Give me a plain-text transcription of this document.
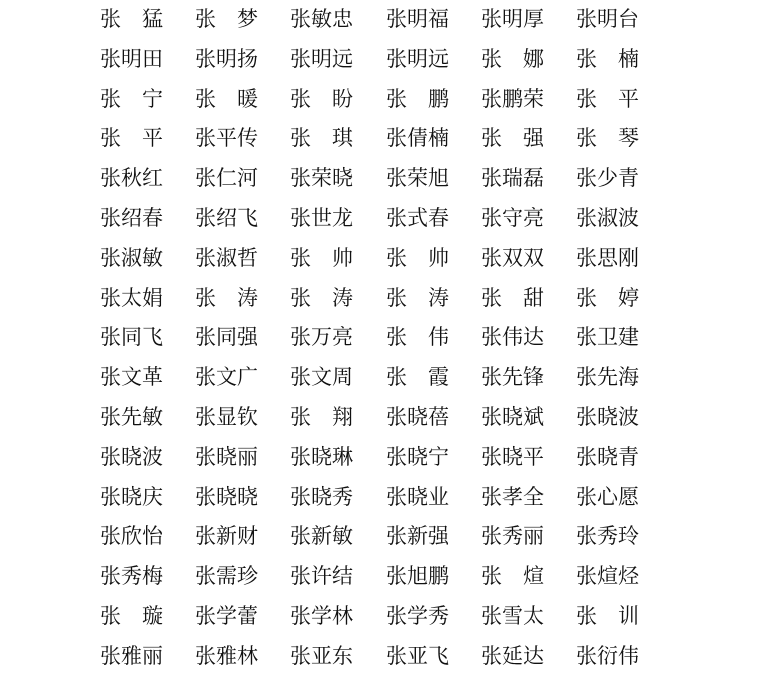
张　猛 张　梦 张敏忠 张明福 张明厚 张明台
张明田 张明扬 张明远 张明远 张　娜 张　楠
张　宁 张　暖 张　盼 张　鹏 张鹏荣 张　平
张　平 张平传 张　琪 张倩楠 张　强 张　琴
张秋红 张仁河 张荣晓 张荣旭 张瑞磊 张少青
张绍春 张绍飞 张世龙 张式春 张守亮 张淑波
张淑敏 张淑哲 张　帅 张　帅 张双双 张思刚
张太娟 张　涛 张　涛 张　涛 张　甜 张　婷
张同飞 张同强 张万亮 张　伟 张伟达 张卫建
张文革 张文广 张文周 张　霞 张先锋 张先海
张先敏 张显钦 张　翔 张晓蓓 张晓斌 张晓波
张晓波 张晓丽 张晓琳 张晓宁 张晓平 张晓青
张晓庆 张晓晓 张晓秀 张晓业 张孝全 张心愿
张欣怡 张新财 张新敏 张新强 张秀丽 张秀玲
张秀梅 张需珍 张许结 张旭鹏 张　煊 张煊烃
张　璇 张学蕾 张学林 张学秀 张雪太 张　训
张雅丽 张雅林 张亚东 张亚飞 张延达 张衍伟
